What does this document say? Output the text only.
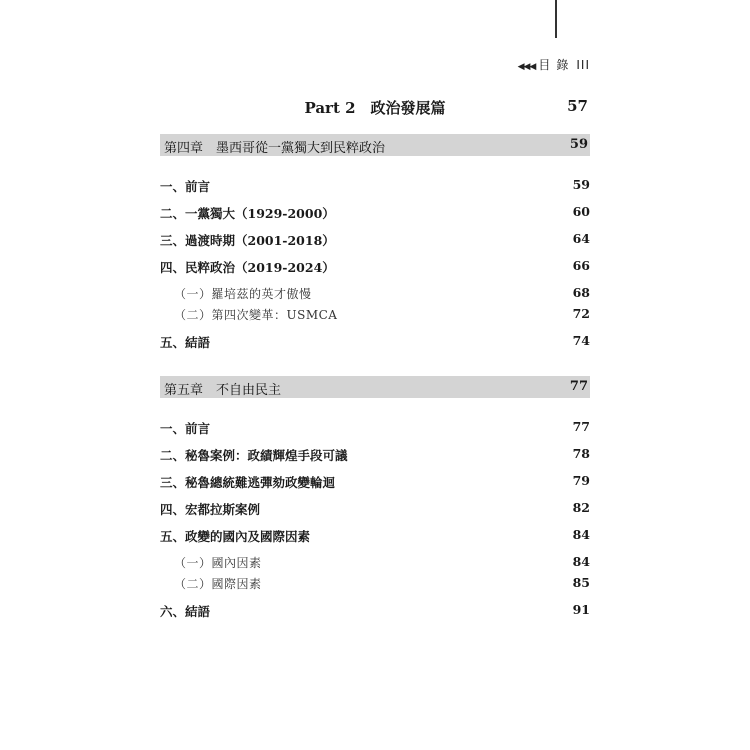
◀◀◀ 目錄 III
Part 2　政治發展篇	57
第四章　墨西哥從一黨獨大到民粹政治	59
一、前言	59
二、一黨獨大（1929-2000）	60
三、過渡時期（2001-2018）	64
四、民粹政治（2019-2024）	66
（一）羅培茲的英才傲慢	68
（二）第四次變革：USMCA	72
五、結語	74
第五章　不自由民主	77
一、前言	77
二、秘魯案例：政績輝煌手段可議	78
三、秘魯總統難逃彈劾政變輪迴	79
四、宏都拉斯案例	82
五、政變的國內及國際因素	84
（一）國內因素	84
（二）國際因素	85
六、結語	91
